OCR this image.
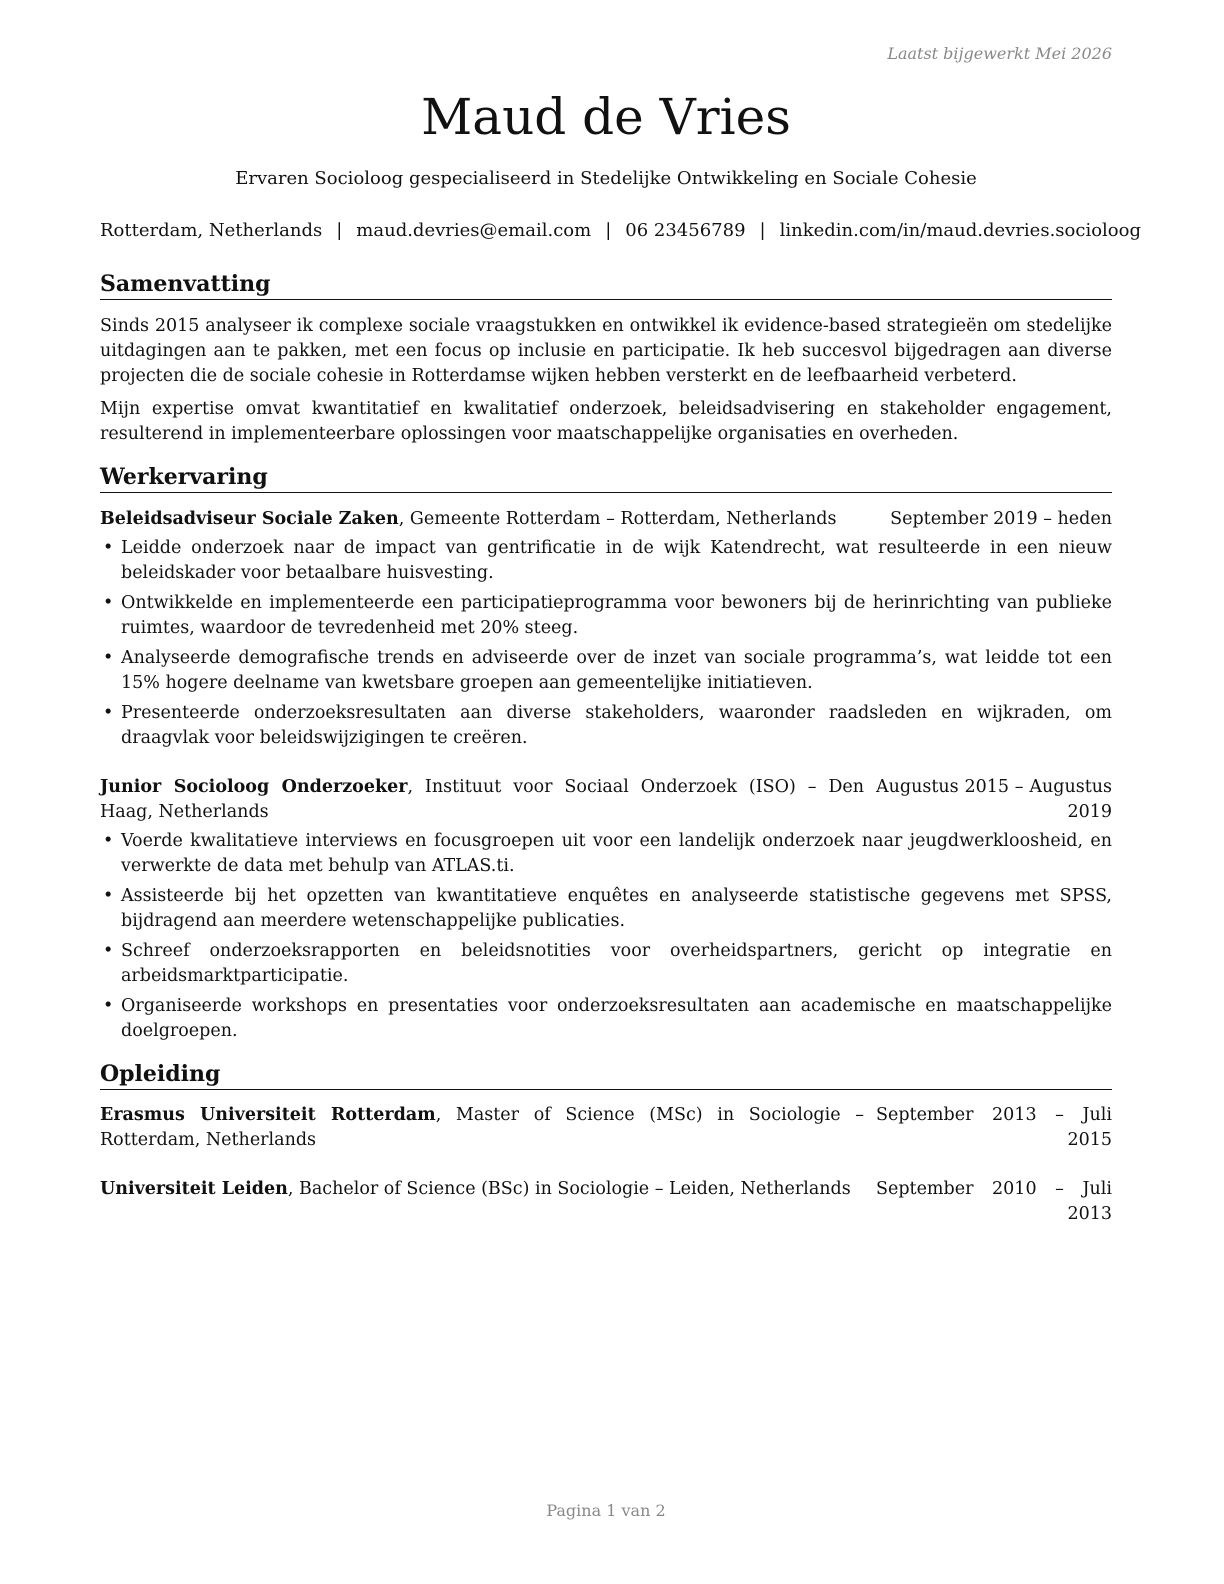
Laatst bijgewerkt Mei 2026
Maud de Vries
Ervaren Socioloog gespecialiseerd in Stedelijke Ontwikkeling en Sociale Cohesie
Rotterdam, Netherlands | maud.devries@email.com | 06 23456789 | linkedin.com/in/maud.devries.socioloog
Samenvatting

Sinds 2015 analyseer ik complexe sociale vraagstukken en ontwikkel ik evidence-based strategieën om stedelijke uitdagingen aan te pakken, met een focus op inclusie en participatie. Ik heb succesvol bijgedragen aan diverse projecten die de sociale cohesie in Rotterdamse wijken hebben versterkt en de leefbaarheid verbeterd.

Mijn expertise omvat kwantitatief en kwalitatief onderzoek, beleidsadvisering en stakeholder engagement, resulterend in implementeerbare oplossingen voor maatschappelijke organisaties en overheden.

Werkervaring
Beleidsadviseur Sociale Zaken, Gemeente Rotterdam – Rotterdam, Netherlands	September 2019 – heden
• Leidde onderzoek naar de impact van gentrificatie in de wijk Katendrecht, wat resulteerde in een nieuw beleidskader voor betaalbare huisvesting.
• Ontwikkelde en implementeerde een participatieprogramma voor bewoners bij de herinrichting van publieke ruimtes, waardoor de tevredenheid met 20% steeg.
• Analyseerde demografische trends en adviseerde over de inzet van sociale programma’s, wat leidde tot een 15% hogere deelname van kwetsbare groepen aan gemeentelijke initiatieven.
• Presenteerde onderzoeksresultaten aan diverse stakeholders, waaronder raadsleden en wijkraden, om draagvlak voor beleidswijzigingen te creëren.
Junior Socioloog Onderzoeker, Instituut voor Sociaal Onderzoek (ISO) – Den Haag, Netherlands
Augustus 2015 – Augustus 2019
• Voerde kwalitatieve interviews en focusgroepen uit voor een landelijk onderzoek naar jeugdwerkloosheid, en verwerkte de data met behulp van ATLAS.ti.
• Assisteerde bij het opzetten van kwantitatieve enquêtes en analyseerde statistische gegevens met SPSS, bijdragend aan meerdere wetenschappelijke publicaties.
• Schreef onderzoeksrapporten en beleidsnotities voor overheidspartners, gericht op integratie en arbeidsmarktparticipatie.
• Organiseerde workshops en presentaties voor onderzoeksresultaten aan academische en maatschappelijke doelgroepen.
Opleiding
Erasmus Universiteit Rotterdam, Master of Science (MSc) in Sociologie – Rotterdam, Netherlands
September 2013 – Juli 2015
Universiteit Leiden, Bachelor of Science (BSc) in Sociologie – Leiden, Netherlands	September 2010 – Juli 2013
Pagina 1 van 2
